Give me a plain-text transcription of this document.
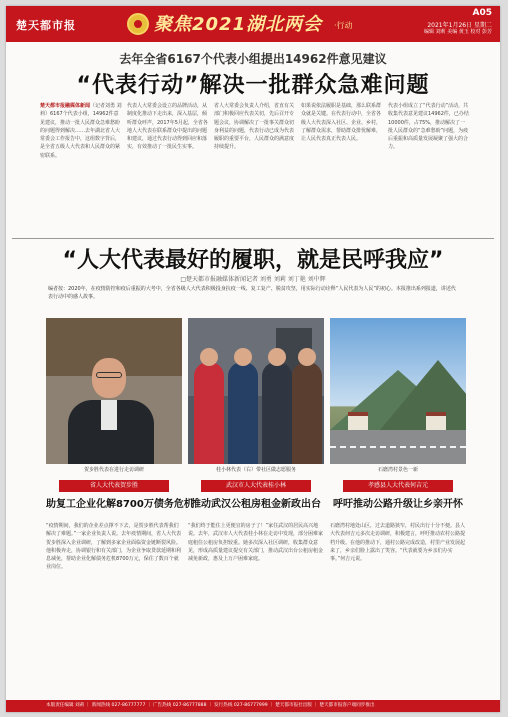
楚天都市报	聚焦2021湖北两会 ·行动
A05
2021年1月26日 星期二
编辑 刘莉 美编 黄玉 校对 彭芳
去年全省6167个代表小组提出14962件意见建议
“代表行动”解决一批群众急难问题
楚天都市报融媒体新闻（记者刘勇 刘莉）6167个代表小组，14962件意见建议，推动一批人民群众急难愁盼的问题得到解决……去年湖北省人大常委会工作报告中，这组数字背后，是全省五级人大代表和人民群众的紧密联系。
代表人大常委会设立的品牌活动，从制度化推动下走出来，深入基层，倾听群众呼声，2017年5月起，全省各地人大代表在联系群众中提出的问题和建议，通过代表行动得到回应和落实，有效推动了一批民生实事。
省人大常委会负责人介绍，省直有关部门积极回应代表关切，先后召开专题会议，协调解决了一批事关群众切身利益的问题，代表行动已成为代表履职的重要平台，人民群众的满意度持续提升。
如果说依法履职是基础，那么联系群众就是关键。在代表行动中，全省各级人大代表深入社区、企业、乡村，了解群众需求，帮助群众排忧解难，让人民代表真正代表人民。
代表小组成立了“代表行动”活动，共收集代表意见建议14962件，已办结10000件，占75%，推动解决了一批人民群众的“急难愁盼”问题，为疫后重振和高质量发展凝聚了强大的合力。
“人大代表最好的履职，就是民呼我应”
□楚天都市报融媒体新闻记者 刘勇 刘莉 刘丁艳 刘中辉
编者按：2020年，在疫情防控和疫后重振的大考中，全省各级人大代表积极投身抗疫一线、复工复产、脱贫攻坚，用实际行动诠释“人民代表为人民”的初心。本报推出系列报道，讲述代表行动中的感人故事。
贺步胜代表在进行走访调研	桂小林代表（右）带社区做志愿服务	石磨湾村景色一新
省人大代表贺步胜
助复工企业化解8700万债务危机
武汉市人大代表桂小林
推动武汉公租房租金新政出台
孝感县人大代表何吉元
呼吁推动公路升级让乡亲开怀
“疫情期间，我们的企业差点撑不下去，是贺步胜代表帮我们解决了难题。”一家企业负责人说。去年疫情期间，省人大代表贺步胜深入企业调研，了解到多家企业面临资金链断裂风险。他积极奔走，协调银行和有关部门，为企业争取贷款延期和利息减免，帮助企业化解债务危机8700万元，保住了数百个就业岗位。
“我们终于能住上更便宜的房子了！”家住武汉的居民高兴地说。去年，武汉市人大代表桂小林在走访中发现，部分困难家庭租住公租房负担较重。她多次深入社区调研，收集群众意见，形成高质量建议提交有关部门，推动武汉出台公租房租金减免新政，惠及上万户困难家庭。
石磨湾村地处山区，过去道路狭窄，村民出行十分不便。县人大代表何吉元多次走访调研，积极建言，呼吁推动农村公路提档升级。在他的推动下，通村公路完成改造，村里产业发展起来了，乡亲们脸上露出了笑容。“代表就要为乡亲们办实事。”何吉元说。
本版责任编辑 刘莉 ｜ 新闻热线 027-86777777 ｜ 广告热线 027-86777888 ｜ 发行热线 027-86777999 ｜ 楚天都市报社出版 ｜ 楚天都市报客户端同步推出
